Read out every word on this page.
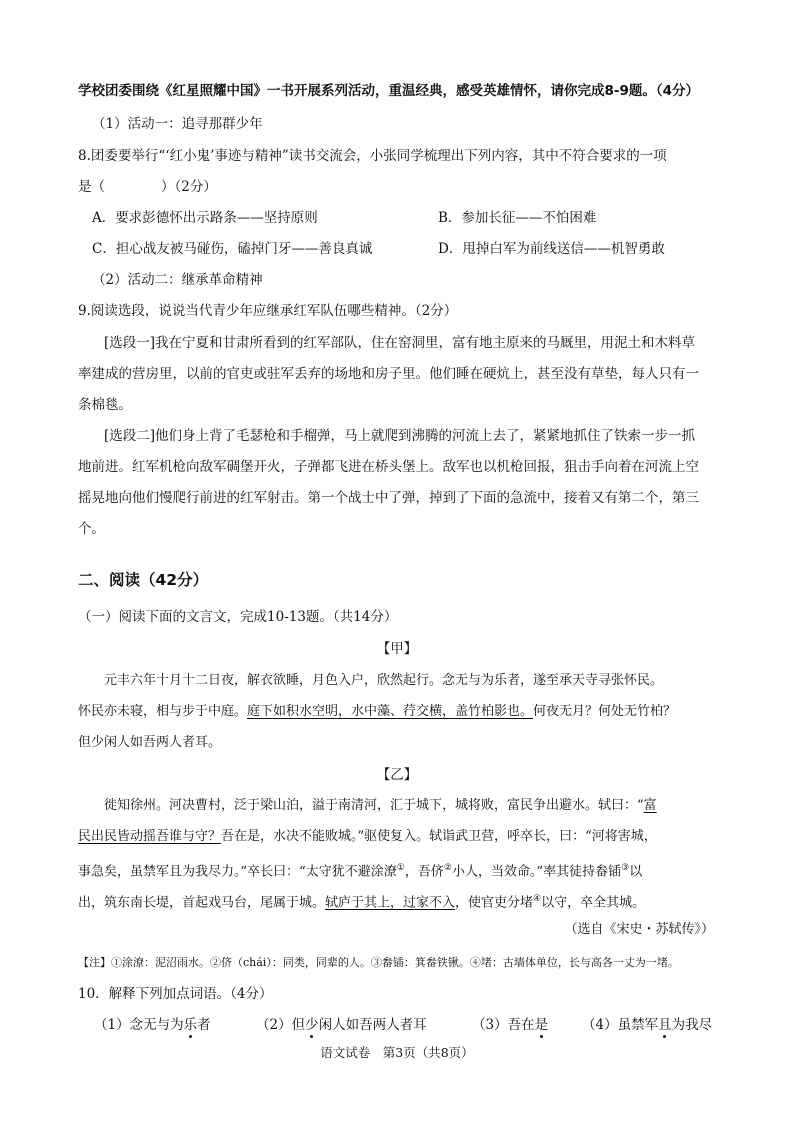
学校团委围绕《红星照耀中国》一书开展系列活动，重温经典，感受英雄情怀，请你完成8-9题。（4分）
（1）活动一：追寻那群少年
8.团委要举行“‘红小鬼’事迹与精神”读书交流会，小张同学梳理出下列内容，其中不符合要求的一项
是（	）（2分）
A．要求彭德怀出示路条——坚持原则	B．参加长征——不怕困难
C．担心战友被马碰伤，磕掉门牙——善良真诚	D．甩掉白军为前线送信——机智勇敢
（2）活动二：继承革命精神
9.阅读选段，说说当代青少年应继承红军队伍哪些精神。（2分）
[选段一]我在宁夏和甘肃所看到的红军部队，住在窑洞里，富有地主原来的马厩里，用泥土和木料草
率建成的营房里，以前的官吏或驻军丢弃的场地和房子里。他们睡在硬炕上，甚至没有草垫，每人只有一
条棉毯。
[选段二]他们身上背了毛瑟枪和手榴弹，马上就爬到沸腾的河流上去了，紧紧地抓住了铁索一步一抓
地前进。红军机枪向敌军碉堡开火，子弹都飞进在桥头堡上。敌军也以机枪回报，狙击手向着在河流上空
摇晃地向他们慢爬行前进的红军射击。第一个战士中了弹，掉到了下面的急流中，接着又有第二个，第三
个。
二、阅读（42分）
（一）阅读下面的文言文，完成10-13题。（共14分）
【甲】
元丰六年十月十二日夜，解衣欲睡，月色入户，欣然起行。念无与为乐者，遂至承天寺寻张怀民。
怀民亦未寝，相与步于中庭。庭下如积水空明，水中藻、荇交横，盖竹柏影也。何夜无月？何处无竹柏？
但少闲人如吾两人者耳。
【乙】
徙知徐州。河决曹村，泛于梁山泊，溢于南清河，汇于城下，城将败，富民争出避水。轼曰：“富
民出民皆动摇吾谁与守？吾在是，水决不能败城。”驱使复入。轼诣武卫营，呼卒长，曰：“河将害城，
事急矣，虽禁军且为我尽力。”卒长曰：“太守犹不避涂潦①，吾侪②小人，当效命。”率其徒持畚锸③以
出，筑东南长堤，首起戏马台，尾属于城。轼庐于其上，过家不入，使官吏分堵④以守，卒全其城。
（选自《宋史・苏轼传》）
【注】①涂潦：泥沼雨水。②侪（chái）：同类，同辈的人。③畚锸：箕畚铁锹。④堵：古墙体单位，长与高各一丈为一堵。
10．解释下列加点词语。（4分）
（1）念无与为乐者	（2）但少闲人如吾两人者耳	（3）吾在是	（4）虽禁军且为我尽
语文试卷　第3页（共8页）
